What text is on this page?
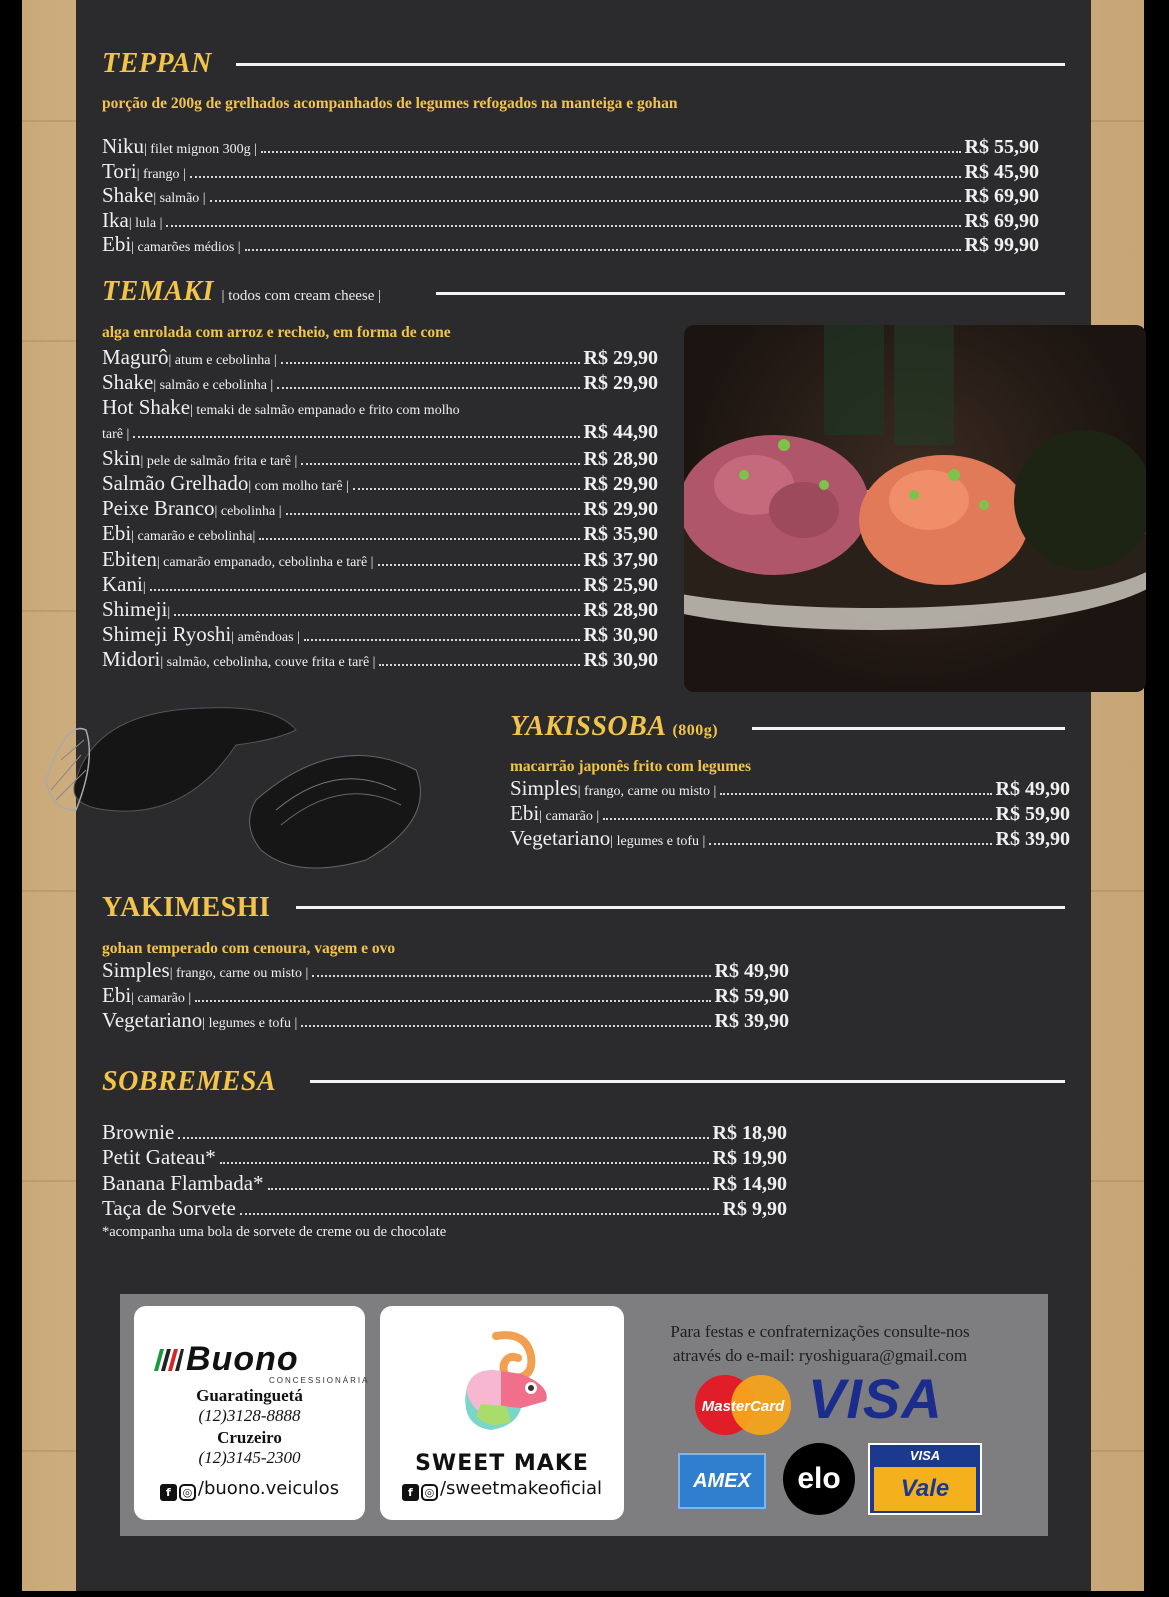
TEPPAN
porção de 200g de grelhados acompanhados de legumes refogados na manteiga e gohan
Niku | filet mignon 300g |	R$ 55,90
Tori | frango |	R$ 45,90
Shake | salmão |	R$ 69,90
Ika | lula |	R$ 69,90
Ebi | camarões médios |	R$ 99,90
TEMAKI | todos com cream cheese |
alga enrolada com arroz e recheio, em forma de cone
Magurô | atum e cebolinha |	R$ 29,90
Shake | salmão e cebolinha |	R$ 29,90
Hot Shake | temaki de salmão empanado e frito com molho
tarê |	R$ 44,90
Skin | pele de salmão frita e tarê |	R$ 28,90
Salmão Grelhado | com molho tarê |	R$ 29,90
Peixe Branco | cebolinha |	R$ 29,90
Ebi | camarão e cebolinha|	R$ 35,90
Ebiten | camarão empanado, cebolinha e tarê |	R$ 37,90
Kani |	R$ 25,90
Shimeji |	R$ 28,90
Shimeji Ryoshi | amêndoas |	R$ 30,90
Midori | salmão, cebolinha, couve frita e tarê |	R$ 30,90
YAKISSOBA (800g)
macarrão japonês frito com legumes
Simples | frango, carne ou misto |	R$ 49,90
Ebi | camarão |	R$ 59,90
Vegetariano | legumes e tofu |	R$ 39,90
YAKIMESHI
gohan temperado com cenoura, vagem e ovo
Simples | frango, carne ou misto |	R$ 49,90
Ebi | camarão |	R$ 59,90
Vegetariano | legumes e tofu |	R$ 39,90
SOBREMESA
Brownie	R$ 18,90
Petit Gateau*	R$ 19,90
Banana Flambada*	R$ 14,90
Taça de Sorvete	R$ 9,90
*acompanha uma bola de sorvete de creme ou de chocolate
Buono
CONCESSIONÁRIA
Guaratinguetá
(12)3128-8888
Cruzeiro
(12)3145-2300
f ◎ /buono.veiculos
SWEET MAKE
f ◎ /sweetmakeoficial
Para festas e confraternizações consulte-nos
através do e-mail: ryoshiguara@gmail.com
MasterCard VISA
AMEX	elo
VISA
Vale
